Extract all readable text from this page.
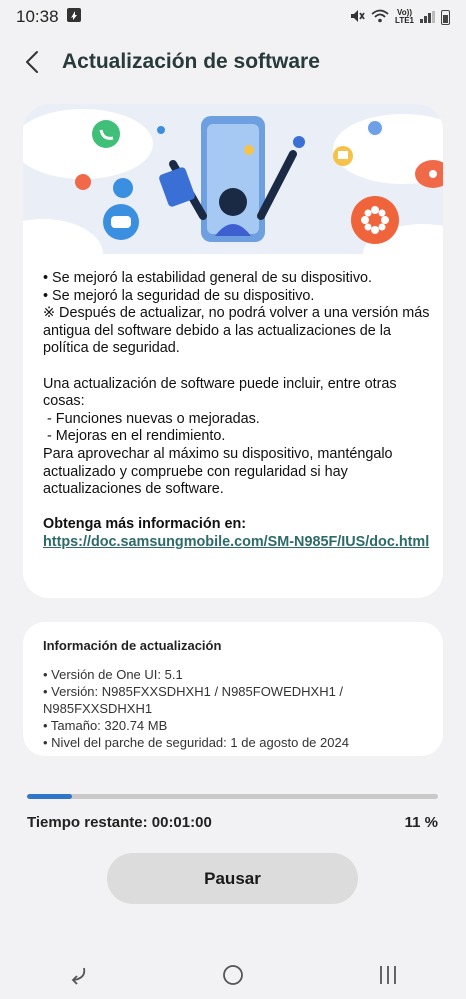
10:38	Vo))
LTE1
Actualización de software

• Se mejoró la estabilidad general de su dispositivo.

• Se mejoró la seguridad de su dispositivo.

※ Después de actualizar, no podrá volver a una versión más antigua del software debido a las actualizaciones de la política de seguridad.

Una actualización de software puede incluir, entre otras cosas:

- Funciones nuevas o mejoradas.

- Mejoras en el rendimiento.

Para aprovechar al máximo su dispositivo, manténgalo actualizado y compruebe con regularidad si hay actualizaciones de software.

Obtenga más información en:

https://doc.samsungmobile.com/SM-N985F/IUS/doc.html

Información de actualización
• Versión de One UI: 5.1
• Versión: N985FXXSDHXH1 / N985FOWEDHXH1 / N985FXXSDHXH1
• Tamaño: 320.74 MB
• Nivel del parche de seguridad: 1 de agosto de 2024
Tiempo restante: 00:01:00	11 %
Pausar
